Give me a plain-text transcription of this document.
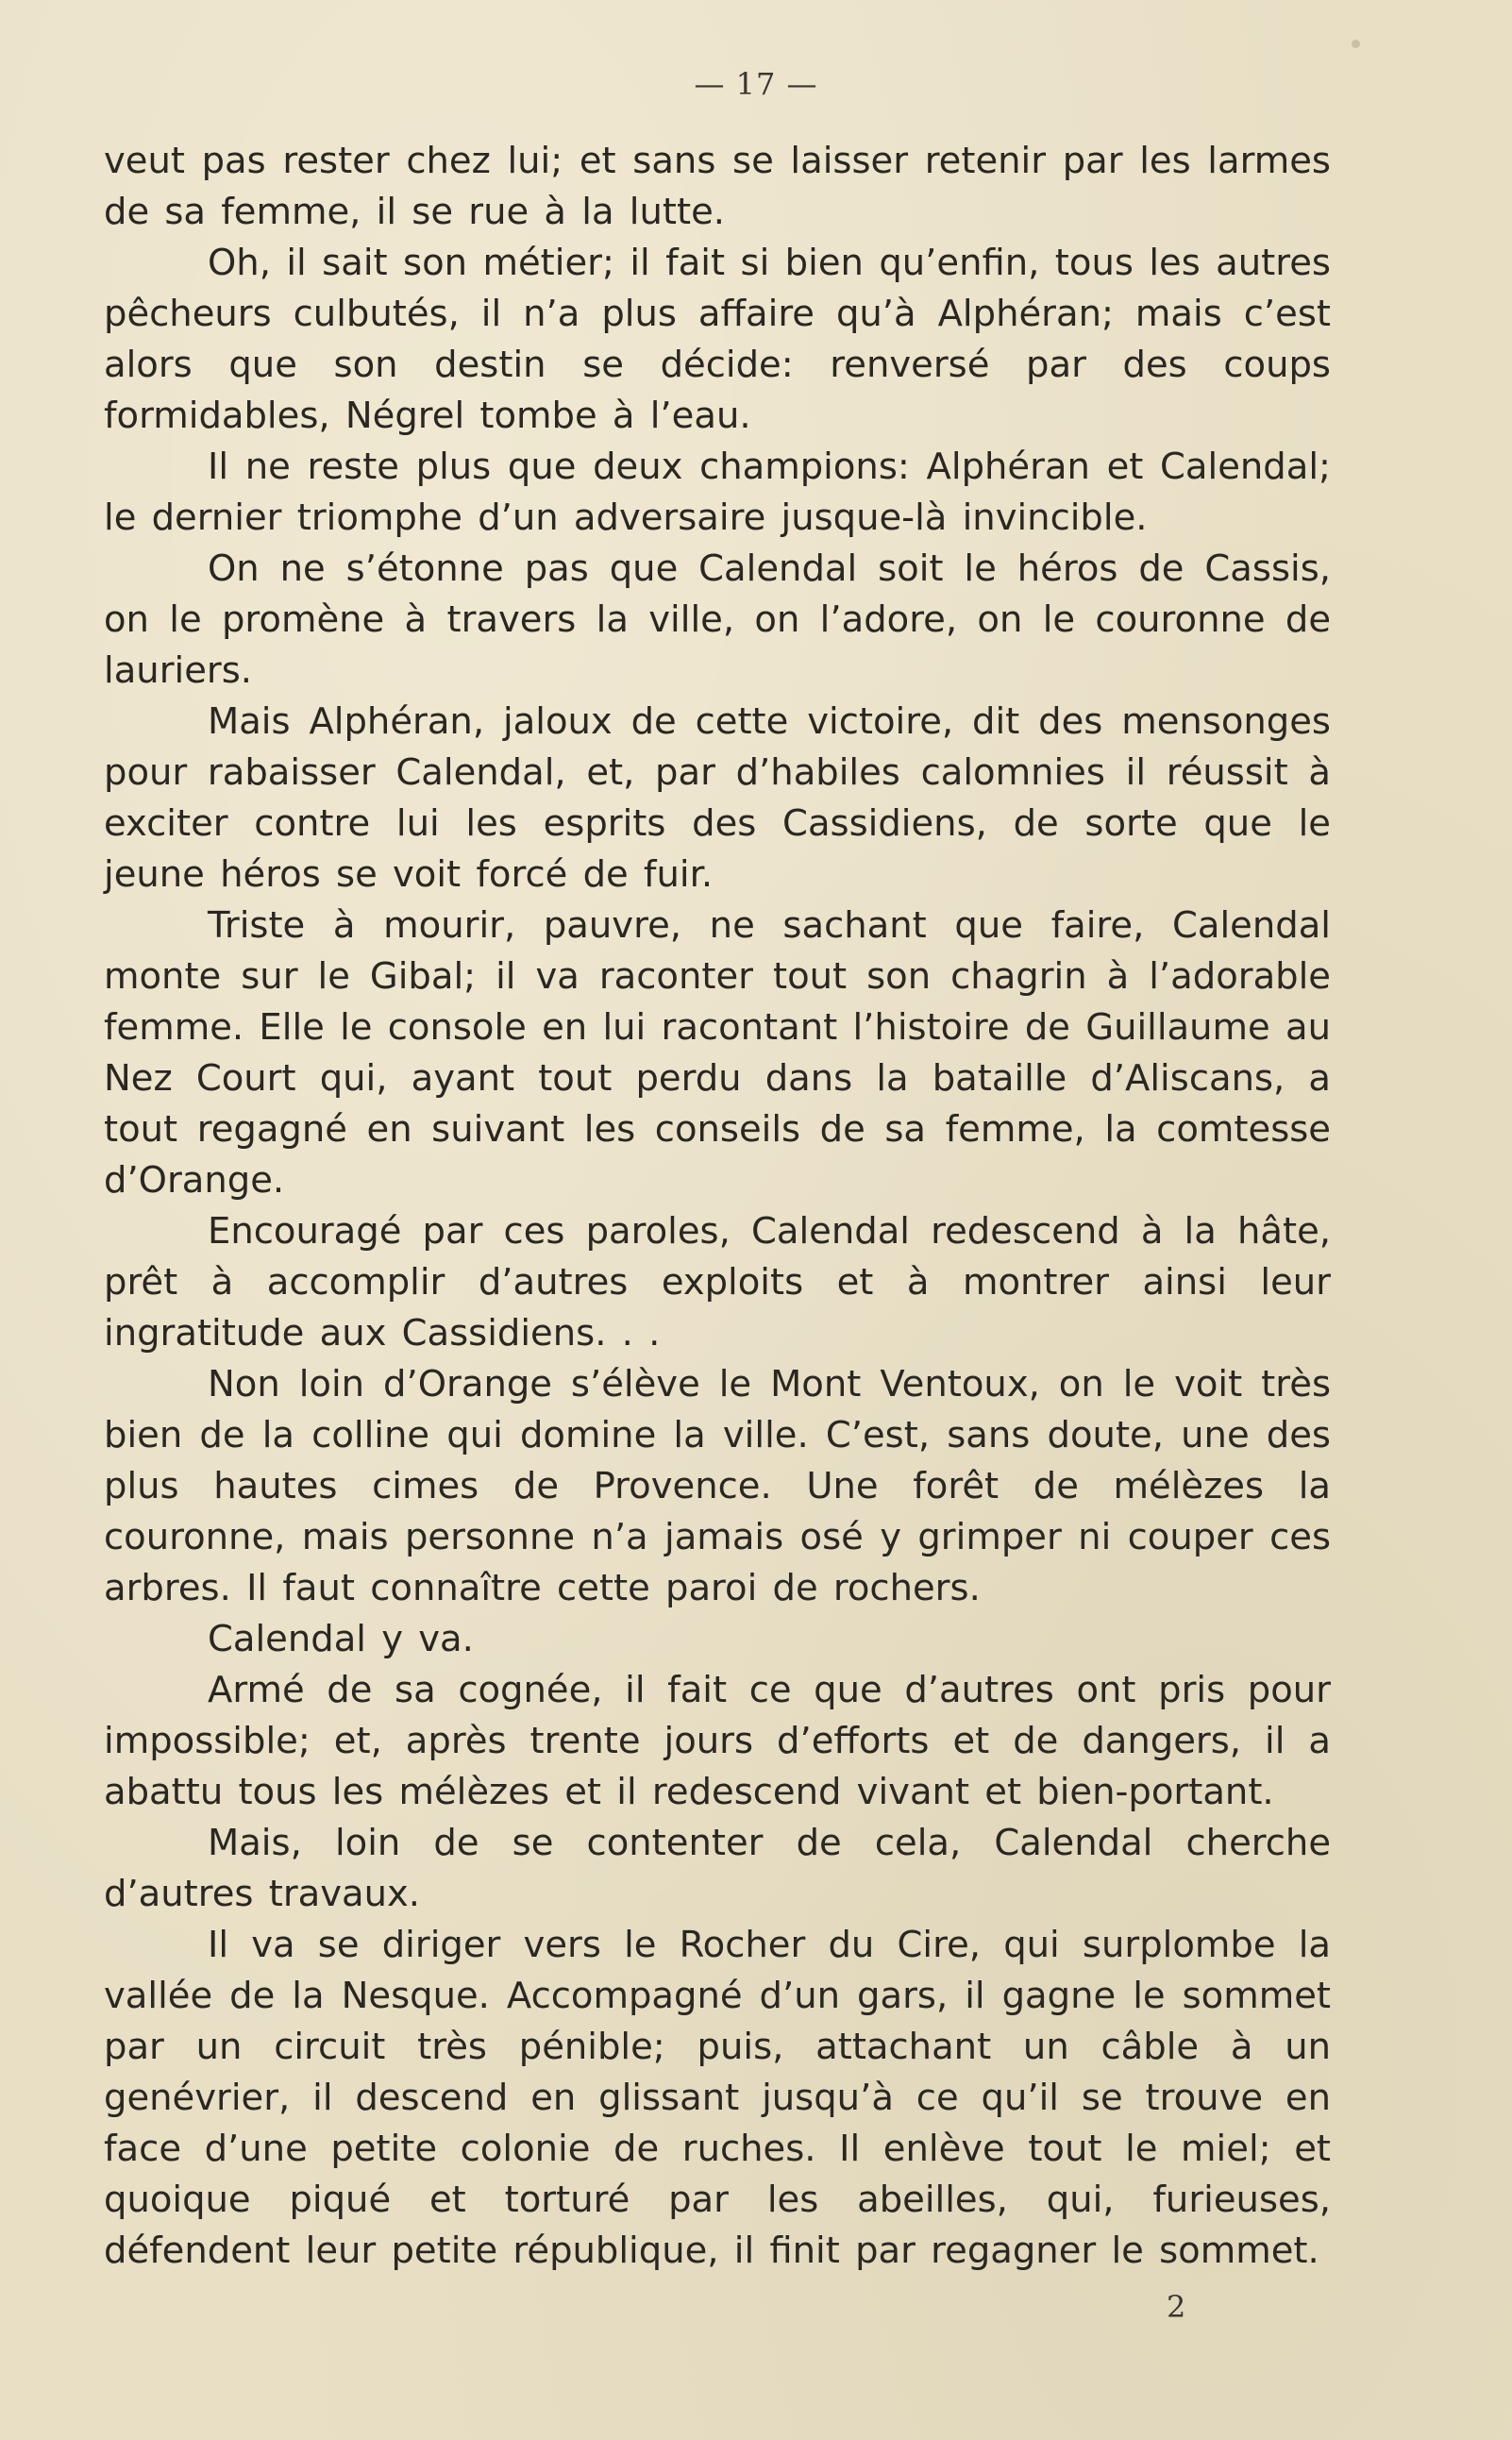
— 17 —

veut pas rester chez lui; et sans se laisser retenir par les larmes de sa femme, il se rue à la lutte.

Oh, il sait son métier; il fait si bien qu’enfin, tous les autres pêcheurs culbutés, il n’a plus affaire qu’à Alphéran; mais c’est alors que son destin se décide: renversé par des coups formidables, Négrel tombe à l’eau.

Il ne reste plus que deux champions: Alphéran et Calendal; le dernier triomphe d’un adversaire jusque-là invincible.

On ne s’étonne pas que Calendal soit le héros de Cassis, on le promène à travers la ville, on l’adore, on le couronne de lauriers.

Mais Alphéran, jaloux de cette victoire, dit des mensonges pour rabaisser Calendal, et, par d’habiles calomnies il réussit à exciter contre lui les esprits des Cassidiens, de sorte que le jeune héros se voit forcé de fuir.

Triste à mourir, pauvre, ne sachant que faire, Calendal monte sur le Gibal; il va raconter tout son chagrin à l’adorable femme. Elle le console en lui racontant l’histoire de Guillaume au Nez Court qui, ayant tout perdu dans la bataille d’Aliscans, a tout regagné en suivant les conseils de sa femme, la comtesse d’Orange.

Encouragé par ces paroles, Calendal redescend à la hâte, prêt à accomplir d’autres exploits et à montrer ainsi leur ingratitude aux Cassidiens. . .

Non loin d’Orange s’élève le Mont Ventoux, on le voit très bien de la colline qui domine la ville. C’est, sans doute, une des plus hautes cimes de Provence. Une forêt de mélèzes la couronne, mais personne n’a jamais osé y grimper ni couper ces arbres. Il faut connaître cette paroi de rochers.

Calendal y va.

Armé de sa cognée, il fait ce que d’autres ont pris pour impossible; et, après trente jours d’efforts et de dangers, il a abattu tous les mélèzes et il redescend vivant et bien-portant.

Mais, loin de se contenter de cela, Calendal cherche d’autres travaux.

Il va se diriger vers le Rocher du Cire, qui surplombe la vallée de la Nesque. Accompagné d’un gars, il gagne le sommet par un circuit très pénible; puis, attachant un câble à un genévrier, il descend en glissant jusqu’à ce qu’il se trouve en face d’une petite colonie de ruches. Il enlève tout le miel; et quoique piqué et torturé par les abeilles, qui, furieuses, défendent leur petite république, il finit par regagner le sommet.

2
